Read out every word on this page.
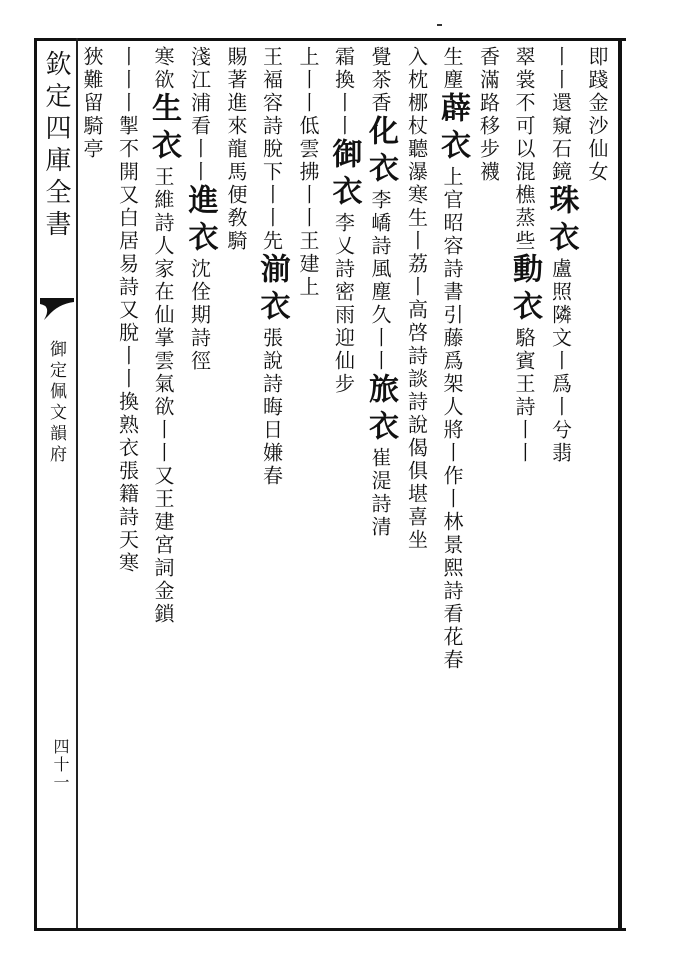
欽定四庫全書
御定佩文韻府
四十一
即踐金沙仙女
丨丨還窺石鏡珠衣盧照隣文丨爲丨兮翡
翠裳不可以混樵蒸些動衣駱賓王詩丨丨
香滿路移步襪
生塵薜衣上官昭容詩書引藤爲架人將丨作丨林景熙詩看花春
入枕梛杖聽瀑寒生丨荔丨高啓詩談詩說偈俱堪喜坐
覺茶香化衣李嶠詩風塵久丨丨旅衣崔湜詩清
霜換丨丨御衣李乂詩密雨迎仙步
上丨丨低雲拂丨丨王建上
王褔容詩脫下丨丨先湔衣張說詩晦日嫌春
賜著進來龍馬便敎騎
淺江浦看丨丨進衣沈佺期詩徑
寒欲生衣王維詩人家在仙掌雲氣欲丨丨又王建宮詞金鎖
丨丨丨掣不開又白居易詩又脫丨丨換熟衣張籍詩天寒
狹難留騎亭
